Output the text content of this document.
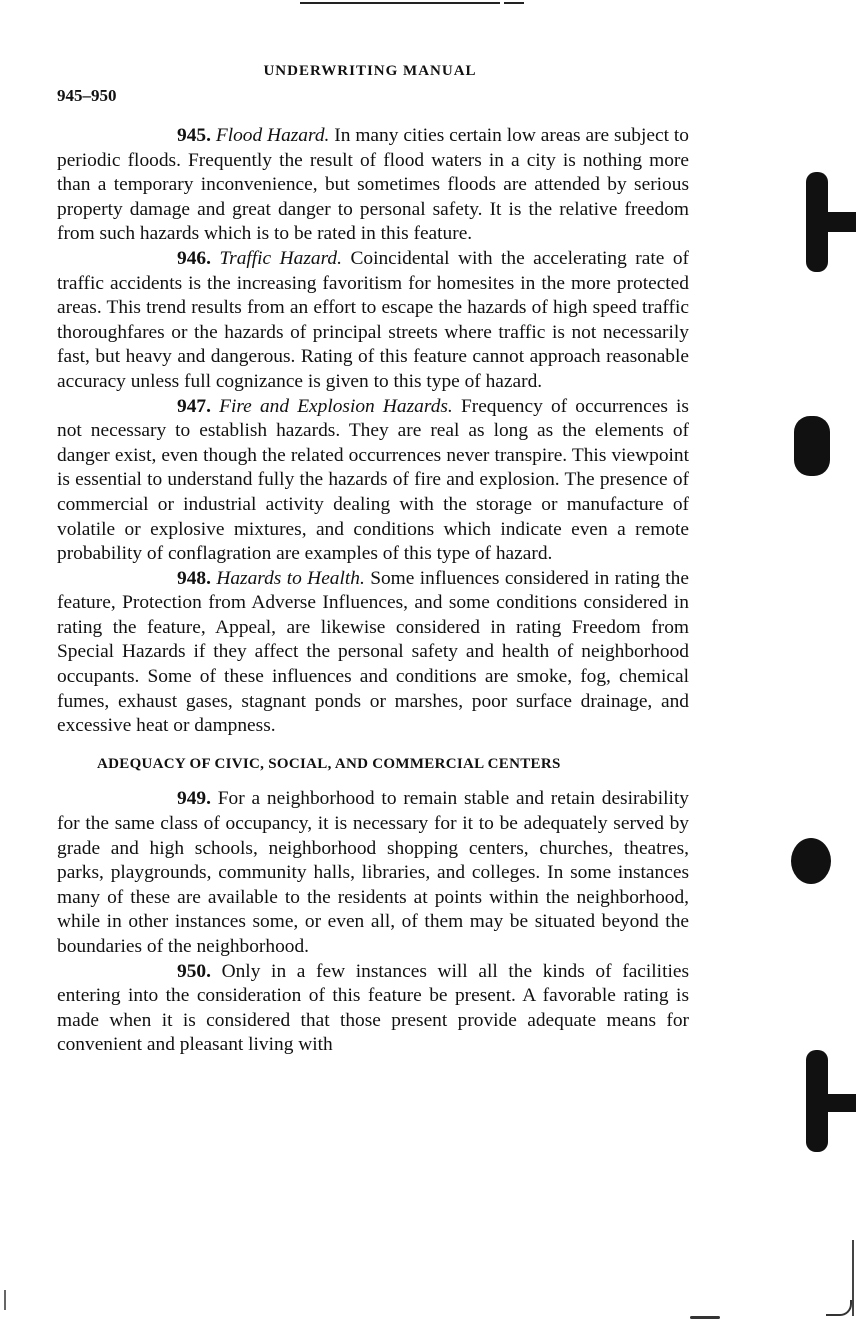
UNDERWRITING MANUAL
945–950

945. Flood Hazard. In many cities certain low areas are subject to periodic floods. Frequently the result of flood waters in a city is nothing more than a temporary inconvenience, but sometimes floods are attended by serious property damage and great danger to personal safety. It is the relative freedom from such hazards which is to be rated in this feature.

946. Traffic Hazard. Coincidental with the accelerating rate of traffic accidents is the increasing favoritism for homesites in the more protected areas. This trend results from an effort to escape the hazards of high speed traffic thoroughfares or the hazards of principal streets where traffic is not necessarily fast, but heavy and dangerous. Rating of this feature cannot approach reasonable accuracy unless full cognizance is given to this type of hazard.

947. Fire and Explosion Hazards. Frequency of occurrences is not necessary to establish hazards. They are real as long as the elements of danger exist, even though the related occurrences never transpire. This viewpoint is essential to understand fully the hazards of fire and explosion. The presence of commercial or industrial activity dealing with the storage or manufacture of volatile or explosive mixtures, and conditions which indicate even a remote probability of conflagration are examples of this type of hazard.

948. Hazards to Health. Some influences considered in rating the feature, Protection from Adverse Influences, and some conditions considered in rating the feature, Appeal, are likewise considered in rating Freedom from Special Hazards if they affect the personal safety and health of neighborhood occupants. Some of these influences and conditions are smoke, fog, chemical fumes, exhaust gases, stagnant ponds or marshes, poor surface drainage, and excessive heat or dampness.

ADEQUACY OF CIVIC, SOCIAL, AND COMMERCIAL CENTERS

949. For a neighborhood to remain stable and retain desirability for the same class of occupancy, it is necessary for it to be adequately served by grade and high schools, neighborhood shopping centers, churches, theatres, parks, playgrounds, community halls, libraries, and colleges. In some instances many of these are available to the residents at points within the neighborhood, while in other instances some, or even all, of them may be situated beyond the boundaries of the neighborhood.

950. Only in a few instances will all the kinds of facilities entering into the consideration of this feature be present. A favorable rating is made when it is considered that those present provide adequate means for convenient and pleasant living with
